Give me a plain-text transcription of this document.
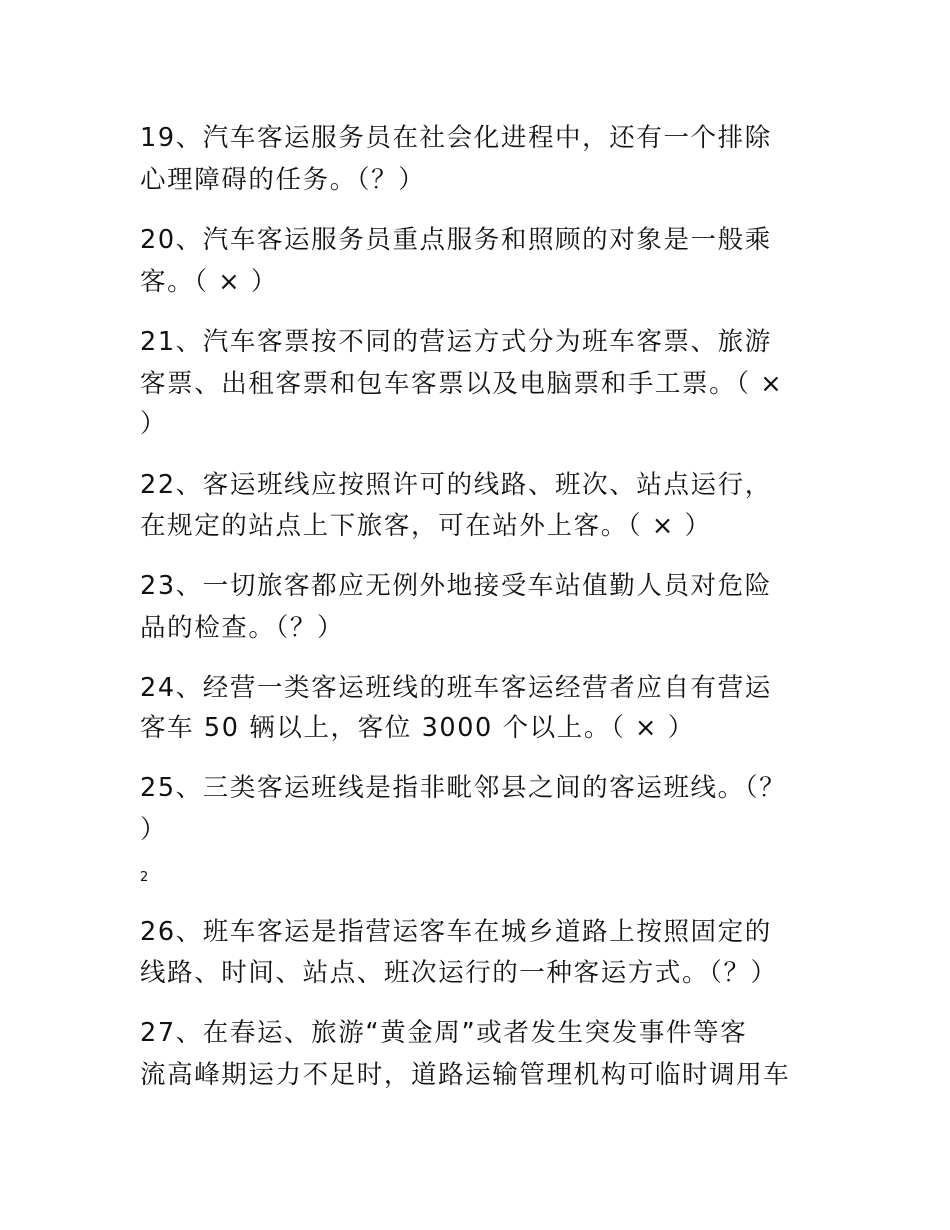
19、汽车客运服务员在社会化进程中，还有一个排除
心理障碍的任务。（？）
20、汽车客运服务员重点服务和照顾的对象是一般乘
客。（ × ）
21、汽车客票按不同的营运方式分为班车客票、旅游
客票、出租客票和包车客票以及电脑票和手工票。（ ×
）
22、客运班线应按照许可的线路、班次、站点运行，
在规定的站点上下旅客，可在站外上客。（ × ）
23、一切旅客都应无例外地接受车站值勤人员对危险
品的检查。（？）
24、经营一类客运班线的班车客运经营者应自有营运
客车 50 辆以上，客位 3000 个以上。（ × ）
25、三类客运班线是指非毗邻县之间的客运班线。（？
）
2
26、班车客运是指营运客车在城乡道路上按照固定的
线路、时间、站点、班次运行的一种客运方式。（？）
27、在春运、旅游“黄金周”或者发生突发事件等客
流高峰期运力不足时，道路运输管理机构可临时调用车
